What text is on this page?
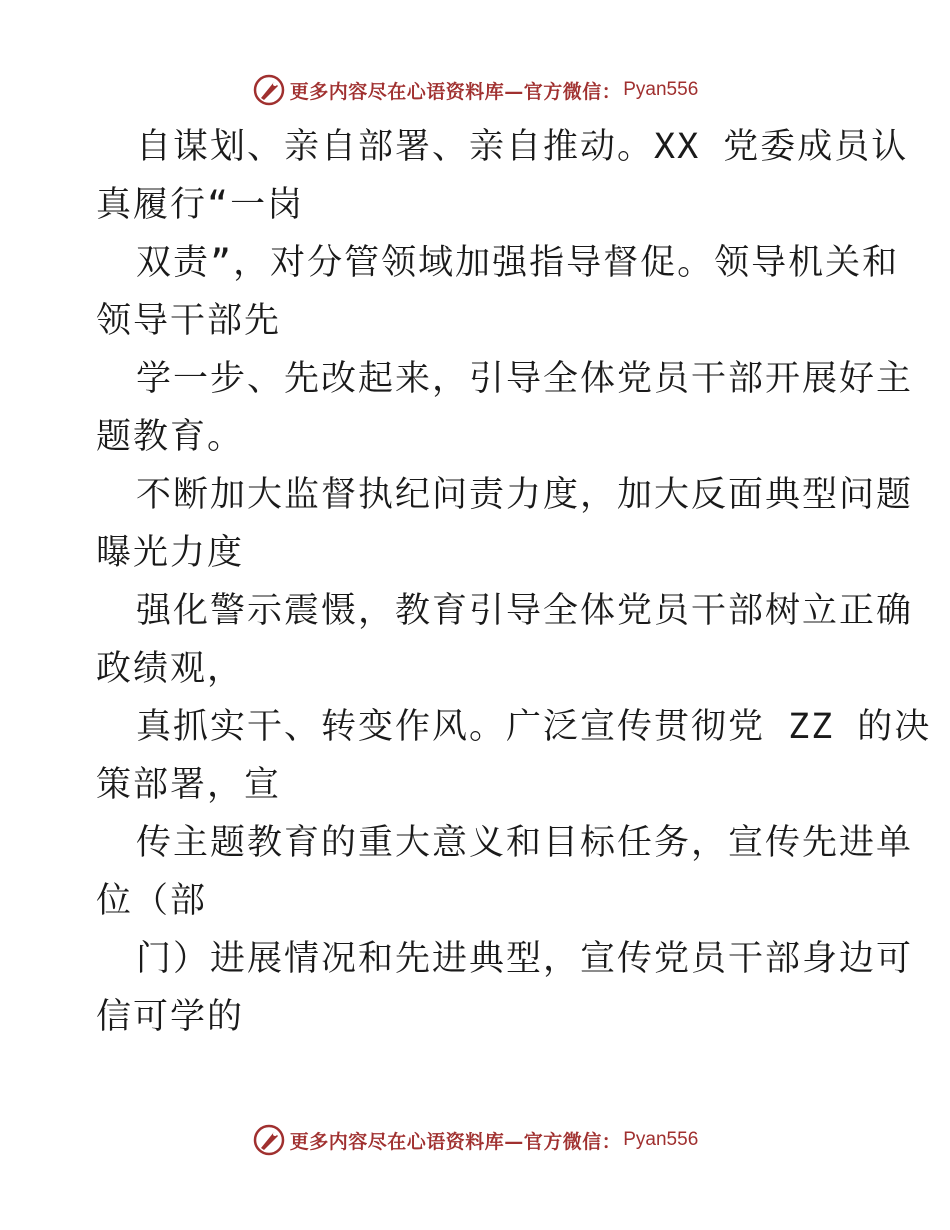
更多内容尽在心语资料库—官方微信： Pyan556
自谋划、亲自部署、亲自推动。XX 党委成员认
真履行“一岗
双责”，对分管领域加强指导督促。领导机关和
领导干部先
学一步、先改起来，引导全体党员干部开展好主
题教育。
不断加大监督执纪问责力度，加大反面典型问题
曝光力度
强化警示震慑，教育引导全体党员干部树立正确
政绩观，
真抓实干、转变作风。广泛宣传贯彻党 ZZ 的决
策部署，宣
传主题教育的重大意义和目标任务，宣传先进单
位（部
门）进展情况和先进典型，宣传党员干部身边可
信可学的
更多内容尽在心语资料库—官方微信： Pyan556
